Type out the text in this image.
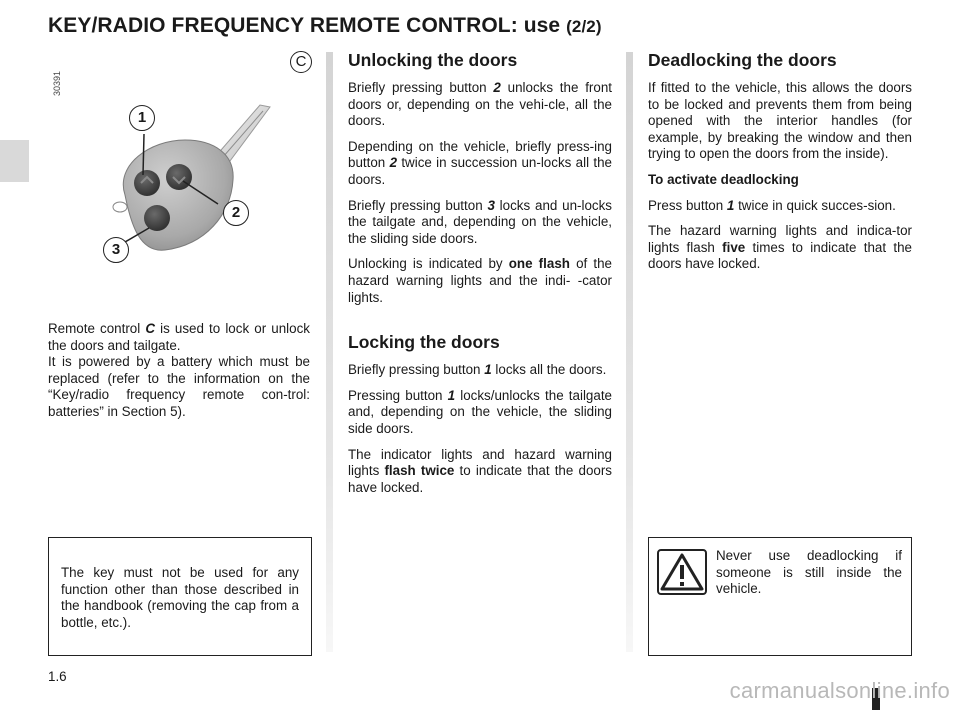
KEY/RADIO FREQUENCY REMOTE CONTROL: use (2/2)
30391
C
1
2
3

Remote control C is used to lock or unlock the doors and tailgate.

It is powered by a battery which must be replaced (refer to the information on the “Key/radio frequency remote con-trol: batteries” in Section 5).

Unlocking the doors

Briefly pressing button 2 unlocks the front doors or, depending on the vehi-cle, all the doors.

Depending on the vehicle, briefly press-ing button 2 twice in succession un-locks all the doors.

Briefly pressing button 3 locks and un-locks the tailgate and, depending on the vehicle, the sliding side doors.

Unlocking is indicated by one flash of the hazard warning lights and the indi- -cator lights.

Locking the doors

Briefly pressing button 1 locks all the doors.

Pressing button 1 locks/unlocks the tailgate and, depending on the vehicle, the sliding side doors.

The indicator lights and hazard warning lights flash twice to indicate that the doors have locked.

Deadlocking the doors

If fitted to the vehicle, this allows the doors to be locked and prevents them from being opened with the interior handles (for example, by breaking the window and then trying to open the doors from the inside).

To activate deadlocking

Press button 1 twice in quick succes-sion.

The hazard warning lights and indica-tor lights flash five times to indicate that the doors have locked.

The key must not be used for any function other than those described in the handbook (removing the cap from a bottle, etc.).

Never use deadlocking if someone is still inside the vehicle.

1.6
carmanualsonline.info
